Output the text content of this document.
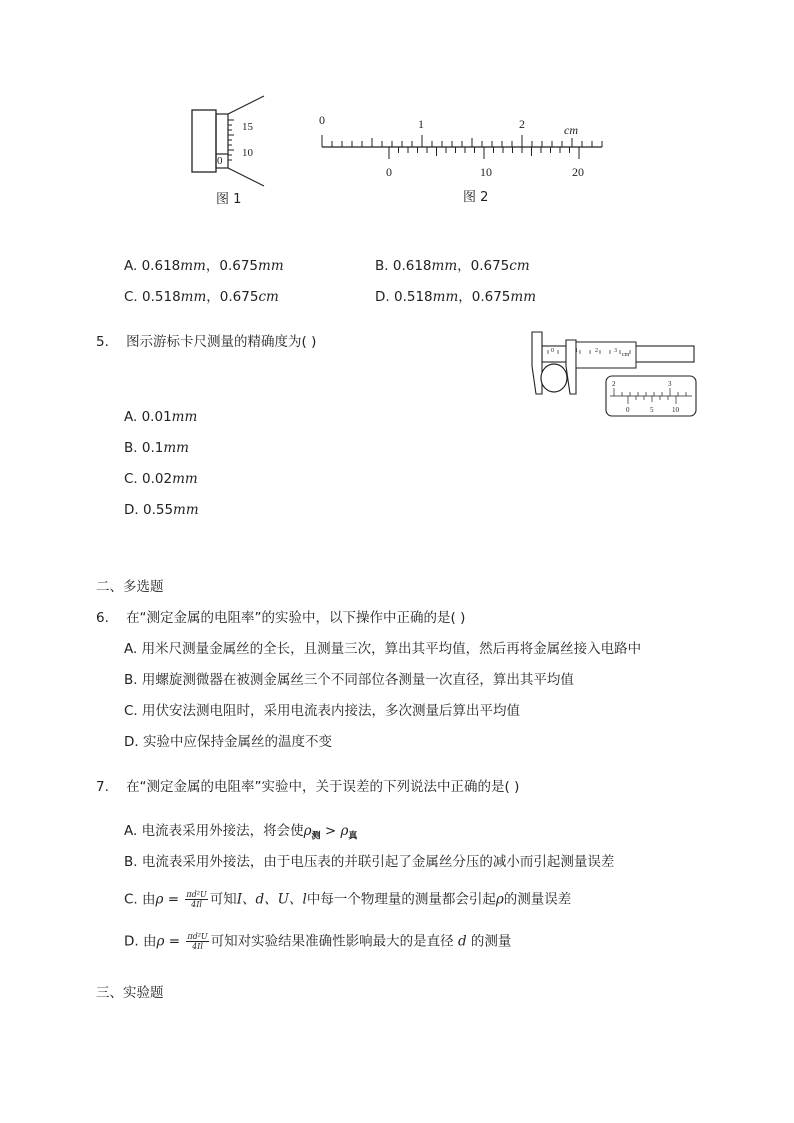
15
10
0
图 1
0	1	2	cm
0	10	20
图 2
A. 0.618mm，0.675mm	B. 0.618mm，0.675cm
C. 0.518mm，0.675cm	D. 0.518mm，0.675mm
5. 图示游标卡尺测量的精确度为( )
0	1	2	3
cm
2	3
0	5	10
A. 0.01mm
B. 0.1mm
C. 0.02mm
D. 0.55mm
二、多选题
6. 在“测定金属的电阻率”的实验中，以下操作中正确的是( )
A. 用米尺测量金属丝的全长，且测量三次，算出其平均值，然后再将金属丝接入电路中
B. 用螺旋测微器在被测金属丝三个不同部位各测量一次直径，算出其平均值
C. 用伏安法测电阻时，采用电流表内接法，多次测量后算出平均值
D. 实验中应保持金属丝的温度不变
7. 在“测定金属的电阻率”实验中，关于误差的下列说法中正确的是( )
A. 电流表采用外接法，将会使$\rho_测 > \rho_真$
B. 电流表采用外接法，由于电压表的并联引起了金属丝分压的减小而引起测量误差
C. 由$\rho = \frac{\text{πd²U}}{4Il}$ 可知I、d、U、l中每一个物理量的测量都会引起ρ的测量误差
D. 由$\rho = \frac{\text{πd²U}}{4Il}$ 可知对实验结果准确性影响最大的是直径 d 的测量
三、实验题
